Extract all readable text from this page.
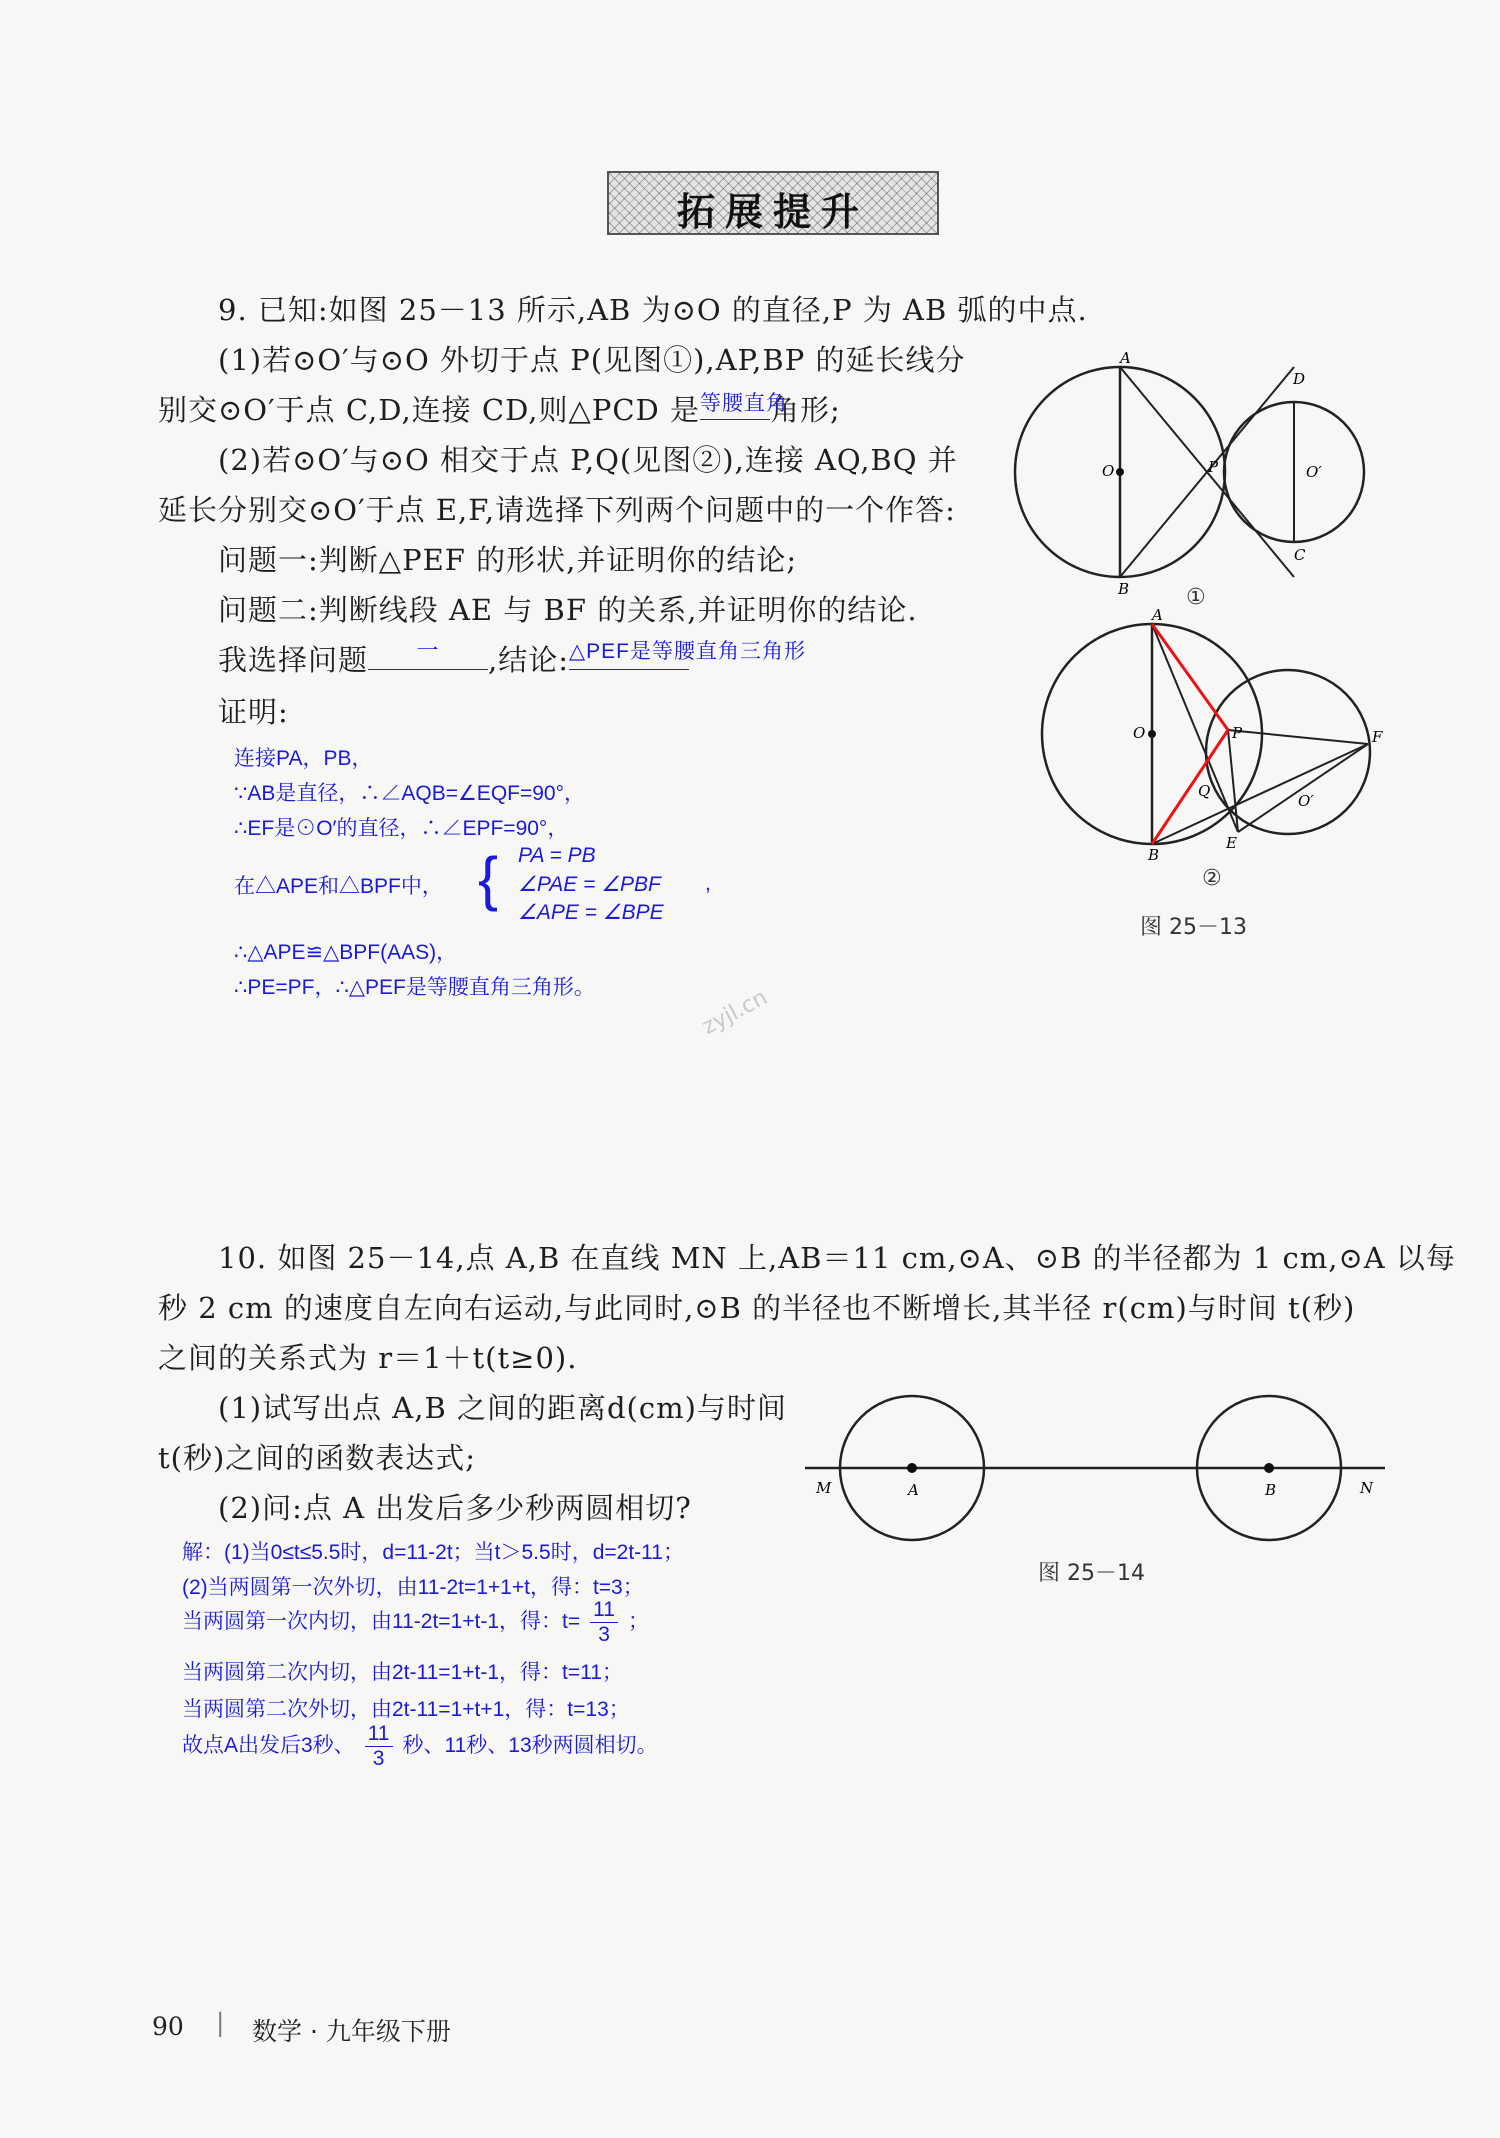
拓展提升
9. 已知:如图 25－13 所示,AB 为⊙O 的直径,P 为 AB 弧的中点.
(1)若⊙O′与⊙O 外切于点 P(见图①),AP,BP 的延长线分
别交⊙O′于点 C,D,连接 CD,则△PCD 是 等腰直角
角形;
(2)若⊙O′与⊙O 相交于点 P,Q(见图②),连接 AQ,BQ 并
延长分别交⊙O′于点 E,F,请选择下列两个问题中的一个作答:
问题一:判断△PEF 的形状,并证明你的结论;
问题二:判断线段 AE 与 BF 的关系,并证明你的结论.
我选择问题	一	,结论: △PEF是等腰直角三角形
证明:
连接PA，PB，
∵AB是直径，∴∠AQB=∠EQF=90°，
∴EF是⊙O′的直径，∴∠EPF=90°，
在△APE和△BPF中， { PA = PB
∠PAE = ∠PBF
∠APE = ∠BPE
,
∴△APE≌△BPF(AAS)，
∴PE=PF，∴△PEF是等腰直角三角形。	zyjl.cn
A
B
O	P
D
C
O′
①
A
B
O	P
Q
E
F
O′
②
图 25－13
10. 如图 25－14,点 A,B 在直线 MN 上,AB＝11 cm,⊙A、⊙B 的半径都为 1 cm,⊙A 以每
秒 2 cm 的速度自左向右运动,与此同时,⊙B 的半径也不断增长,其半径 r(cm)与时间 t(秒)
之间的关系式为 r＝1＋t(t≥0).
(1)试写出点 A,B 之间的距离d(cm)与时间
t(秒)之间的函数表达式;
(2)问:点 A 出发后多少秒两圆相切?
解：(1)当0≤t≤5.5时，d=11-2t；当t＞5.5时，d=2t-11；
(2)当两圆第一次外切，由11-2t=1+1+t，得：t=3；
当两圆第一次内切，由11-2t=1+t-1，得：$t= \frac{11}{3}$ ；
当两圆第二次内切，由2t-11=1+t-1，得：t=11；
当两圆第二次外切，由2t-11=1+t+1，得：t=13；
故点A出发后3秒、 $\frac{11}{3}$ 秒、11秒、13秒两圆相切。
M	A	B	N
图 25－14
90 | 数学 · 九年级下册
